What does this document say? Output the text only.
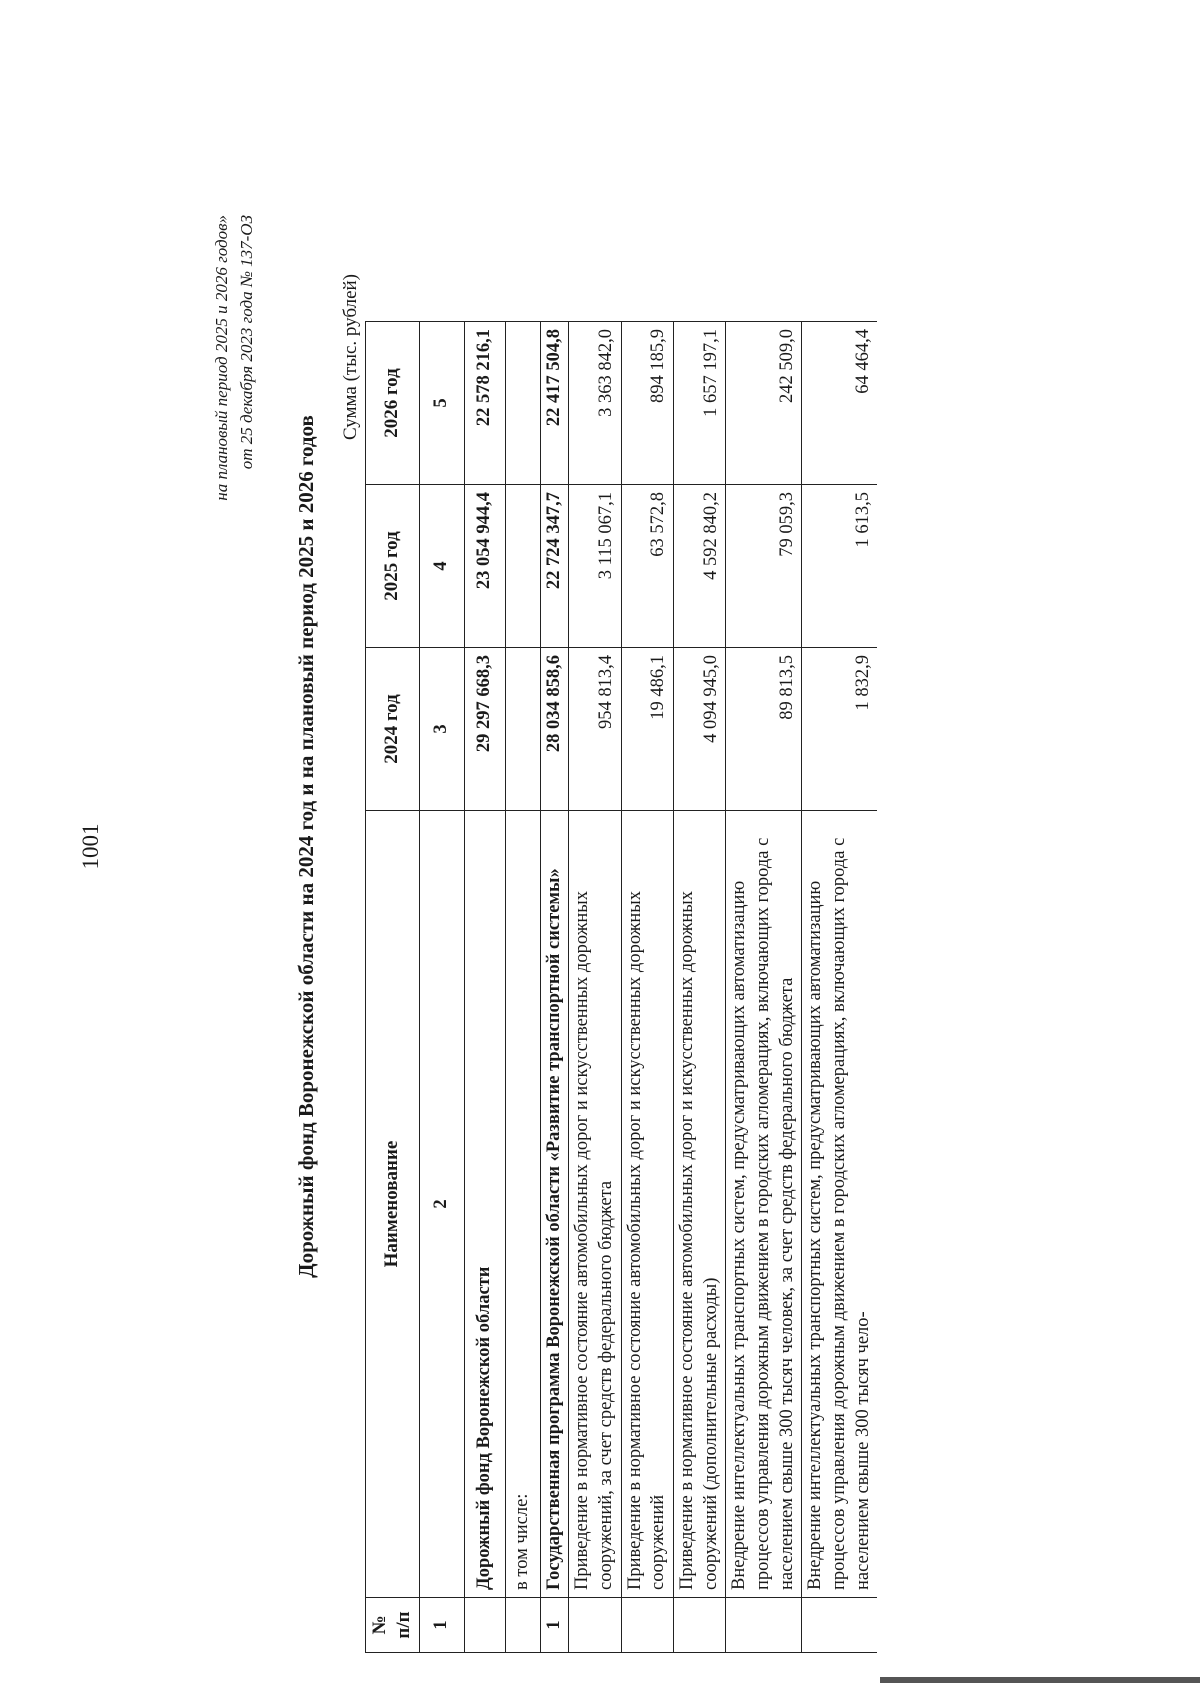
1001
на плановый период 2025 и 2026 годов» от 25 декабря 2023 года № 137-ОЗ
Дорожный фонд Воронежской области на 2024 год и на плановый период 2025 и 2026 годов
Сумма (тыс. рублей)
№ п/п	Наименование	2024 год	2025 год	2026 год
1	2	3	4	5
	Дорожный фонд Воронежской области	29 297 668,3	23 054 944,4	22 578 216,1
	в том числе:			
1	Государственная программа Воронежской области «Развитие транспортной системы»	28 034 858,6	22 724 347,7	22 417 504,8
	Приведение в нормативное состояние автомобильных дорог и искусственных дорожных сооружений, за счет средств федерального бюджета	954 813,4	3 115 067,1	3 363 842,0
	Приведение в нормативное состояние автомобильных дорог и искусственных дорожных сооружений	19 486,1	63 572,8	894 185,9
	Приведение в нормативное состояние автомобильных дорог и искусственных дорожных сооружений (дополнительные расходы)	4 094 945,0	4 592 840,2	1 657 197,1
	Внедрение интеллектуальных транспортных систем, предусматривающих автоматизацию процессов управления дорожным движением в городских агломерациях, включающих города с населением свыше 300 тысяч человек, за счет средств федерального бюджета	89 813,5	79 059,3	242 509,0
	Внедрение интеллектуальных транспортных систем, предусматривающих автоматизацию процессов управления дорожным движением в городских агломерациях, включающих города с населением свыше 300 тысяч чело-	1 832,9	1 613,5	64 464,4
